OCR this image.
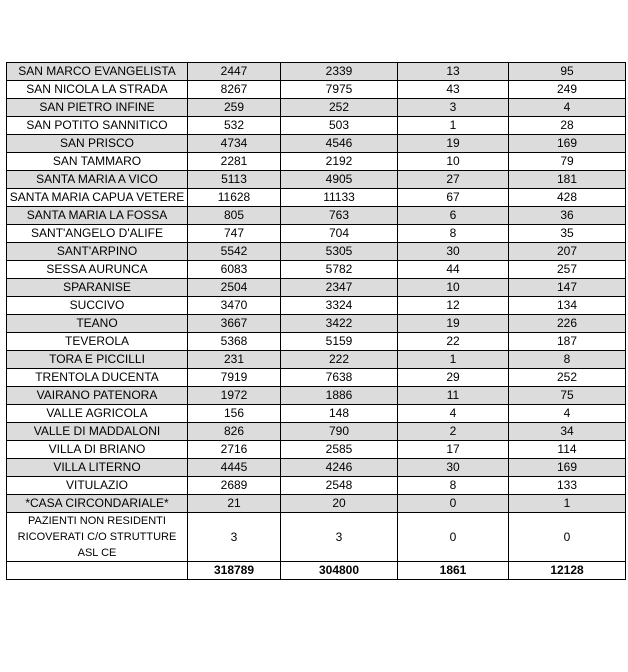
SAN MARCO EVANGELISTA	2447	2339	13	95
SAN NICOLA LA STRADA	8267	7975	43	249
SAN PIETRO INFINE	259	252	3	4
SAN POTITO SANNITICO	532	503	1	28
SAN PRISCO	4734	4546	19	169
SAN TAMMARO	2281	2192	10	79
SANTA MARIA A VICO	5113	4905	27	181
SANTA MARIA CAPUA VETERE	11628	11133	67	428
SANTA MARIA LA FOSSA	805	763	6	36
SANT'ANGELO D'ALIFE	747	704	8	35
SANT'ARPINO	5542	5305	30	207
SESSA AURUNCA	6083	5782	44	257
SPARANISE	2504	2347	10	147
SUCCIVO	3470	3324	12	134
TEANO	3667	3422	19	226
TEVEROLA	5368	5159	22	187
TORA E PICCILLI	231	222	1	8
TRENTOLA DUCENTA	7919	7638	29	252
VAIRANO PATENORA	1972	1886	11	75
VALLE AGRICOLA	156	148	4	4
VALLE DI MADDALONI	826	790	2	34
VILLA DI BRIANO	2716	2585	17	114
VILLA LITERNO	4445	4246	30	169
VITULAZIO	2689	2548	8	133
*CASA CIRCONDARIALE*	21	20	0	1
PAZIENTI NON RESIDENTI RICOVERATI C/O STRUTTURE ASL CE	3	3	0	0
	318789	304800	1861	12128
